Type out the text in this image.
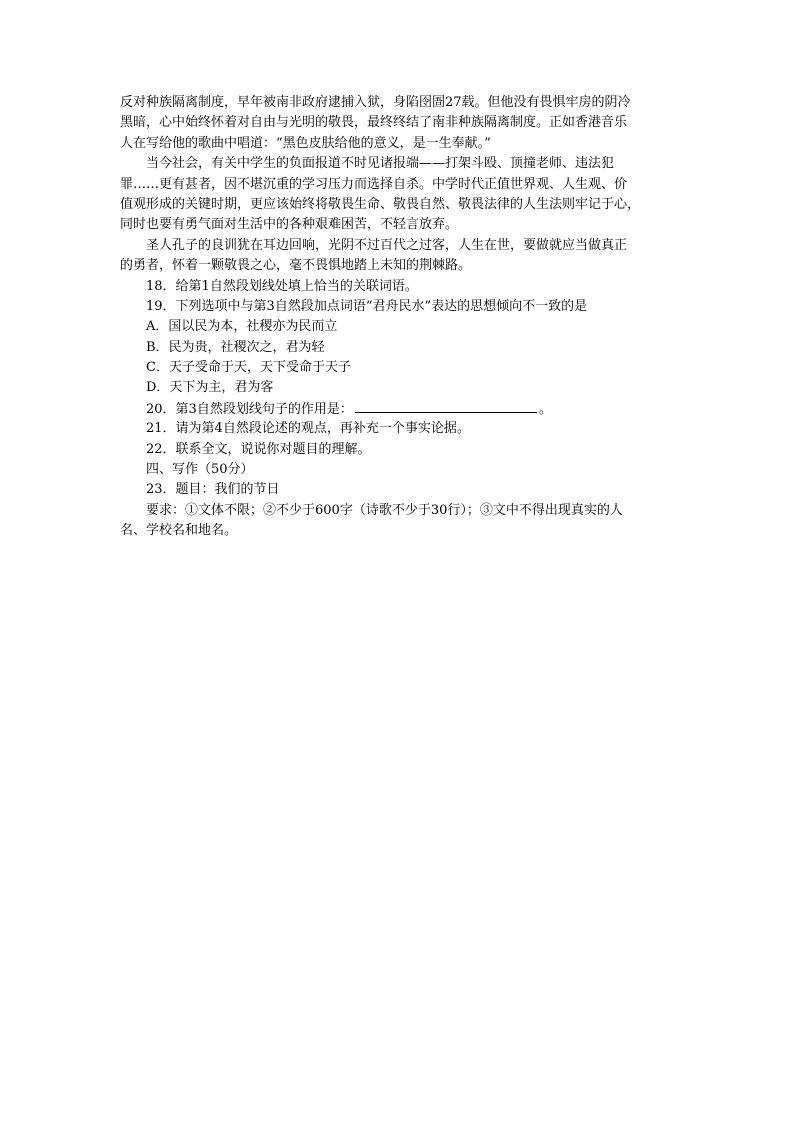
反对种族隔离制度，早年被南非政府逮捕入狱，身陷囹圄27载。但他没有畏惧牢房的阴冷
黑暗，心中始终怀着对自由与光明的敬畏，最终终结了南非种族隔离制度。正如香港音乐
人在写给他的歌曲中唱道：“黑色皮肤给他的意义，是一生奉献。”
当今社会，有关中学生的负面报道不时见诸报端——打架斗殴、顶撞老师、违法犯
罪……更有甚者，因不堪沉重的学习压力而选择自杀。中学时代正值世界观、人生观、价
值观形成的关键时期，更应该始终将敬畏生命、敬畏自然、敬畏法律的人生法则牢记于心，
同时也要有勇气面对生活中的各种艰难困苦，不轻言放弃。
圣人孔子的良训犹在耳边回响，光阴不过百代之过客，人生在世，要做就应当做真正
的勇者，怀着一颗敬畏之心，毫不畏惧地踏上未知的荆棘路。
18．给第1自然段划线处填上恰当的关联词语。
19．下列选项中与第3自然段加点词语“君舟民水”表达的思想倾向不一致的是
A．国以民为本，社稷亦为民而立
B．民为贵，社稷次之，君为轻
C．天子受命于天，天下受命于天子
D．天下为主，君为客
20．第3自然段划线句子的作用是：	。
21．请为第4自然段论述的观点，再补充一个事实论据。
22．联系全文，说说你对题目的理解。
四、写作（50分）
23．题目：我们的节日
要求：①文体不限；②不少于600字（诗歌不少于30行）；③文中不得出现真实的人
名、学校名和地名。
